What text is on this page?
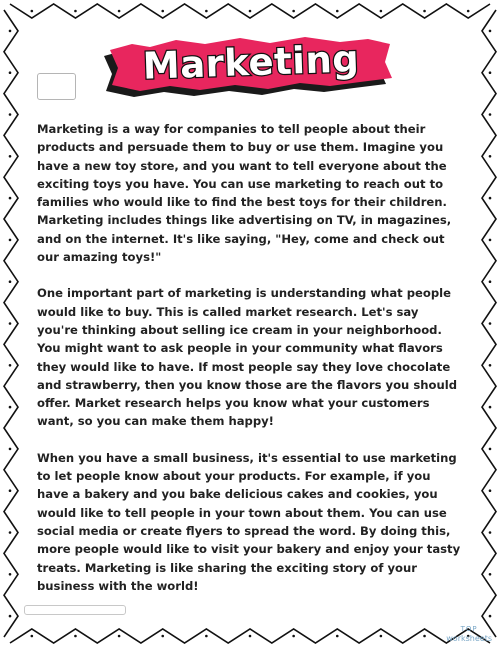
Marketing

Marketing is a way for companies to tell people about their products and persuade them to buy or use them. Imagine you have a new toy store, and you want to tell everyone about the exciting toys you have. You can use marketing to reach out to families who would like to find the best toys for their children. Marketing includes things like advertising on TV, in magazines, and on the internet. It's like saying, "Hey, come and check out our amazing toys!"

One important part of marketing is understanding what people would like to buy. This is called market research. Let's say you're thinking about selling ice cream in your neighborhood. You might want to ask people in your community what flavors they would like to have. If most people say they love chocolate and strawberry, then you know those are the flavors you should offer. Market research helps you know what your customers want, so you can make them happy!

When you have a small business, it's essential to use marketing to let people know about your products. For example, if you have a bakery and you bake delicious cakes and cookies, you would like to tell people in your town about them. You can use social media or create flyers to spread the word. By doing this, more people would like to visit your bakery and enjoy your tasty treats. Marketing is like sharing the exciting story of your business with the world!

TOP
worksheets
